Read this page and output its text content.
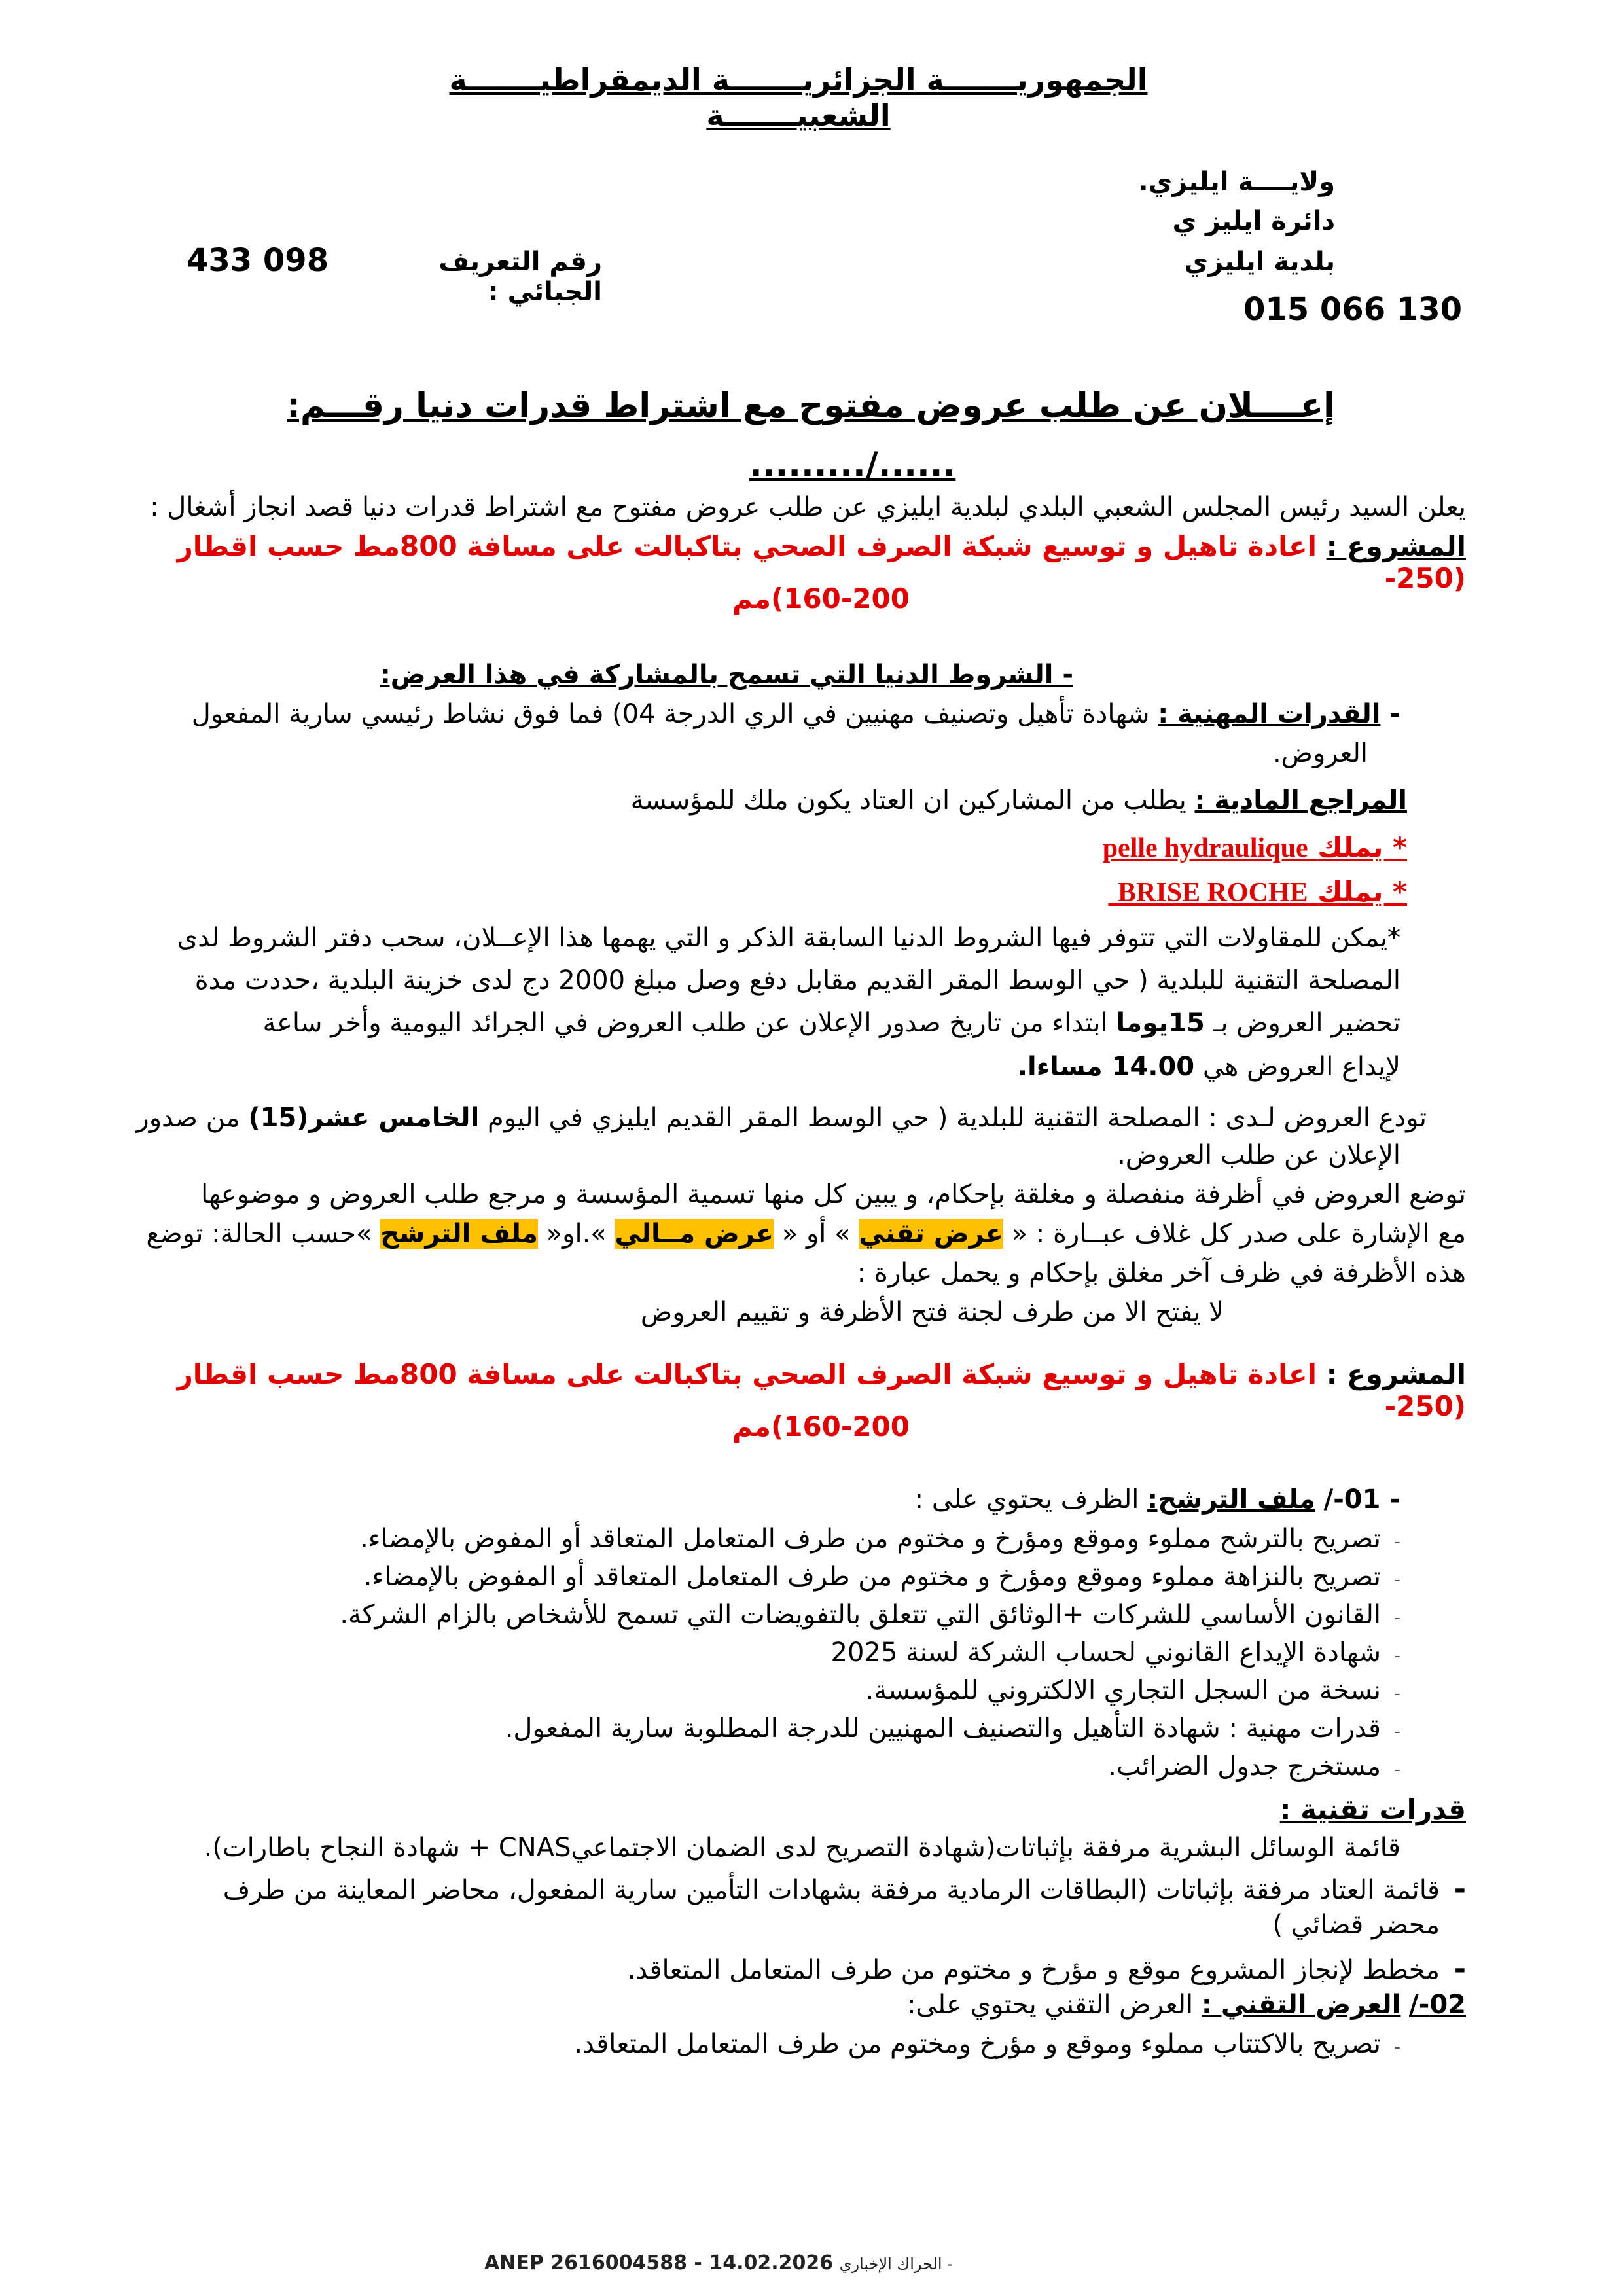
الجمهوريـــــــة الجزائريـــــــة الديمقراطيـــــــة الشعبيـــــــة
ولايــــة ايليزي.
دائرة ايليز ي
بلدية ايليزي
رقم التعريف الجبائي :
433 098
015 066 130
إعــــلان عن طلب عروض مفتوح مع اشتراط قدرات دنيا رقـــم:
........./......
يعلن السيد رئيس المجلس الشعبي البلدي لبلدية ايليزي عن طلب عروض مفتوح مع اشتراط قدرات دنيا قصد انجاز أشغال :
المشروع : اعادة تاهيل و توسيع شبكة الصرف الصحي بتاكبالت على مسافة 800مط حسب اقطار (250-
160-200)مم
- الشروط الدنيا التي تسمح بالمشاركة في هذا العرض:
- القدرات المهنية : شهادة تأهيل وتصنيف مهنيين في الري الدرجة 04) فما فوق نشاط رئيسي سارية المفعول
العروض.
المراجع المادية : يطلب من المشاركين ان العتاد يكون ملك للمؤسسة
* يملك pelle hydraulique
* يملك BRISE ROCHE
*يمكن للمقاولات التي تتوفر فيها الشروط الدنيا السابقة الذكر و التي يهمها هذا الإعــلان، سحب دفتر الشروط لدى
المصلحة التقنية للبلدية ( حي الوسط المقر القديم مقابل دفع وصل مبلغ 2000 دج لدى خزينة البلدية ،حددت مدة
تحضير العروض بـ 15يوما ابتداء من تاريخ صدور الإعلان عن طلب العروض في الجرائد اليومية وأخر ساعة
لإيداع العروض هي 14.00 مساءا.
تودع العروض لـدى : المصلحة التقنية للبلدية ( حي الوسط المقر القديم ايليزي في اليوم الخامس عشر(15) من صدور
الإعلان عن طلب العروض.
توضع العروض في أظرفة منفصلة و مغلقة بإحكام، و يبين كل منها تسمية المؤسسة و مرجع طلب العروض و موضوعها
مع الإشارة على صدر كل غلاف عبــارة : « عرض تقني » أو « عرض مــالي ».او« ملف الترشح »حسب الحالة: توضع
هذه الأظرفة في ظرف آخر مغلق بإحكام و يحمل عبارة :
لا يفتح الا من طرف لجنة فتح الأظرفة و تقييم العروض
المشروع : اعادة تاهيل و توسيع شبكة الصرف الصحي بتاكبالت على مسافة 800مط حسب اقطار (250-
160-200)مم
- 01-/ ملف الترشح: الظرف يحتوي على :
-تصريح بالترشح مملوء وموقع ومؤرخ و مختوم من طرف المتعامل المتعاقد أو المفوض بالإمضاء.
-تصريح بالنزاهة مملوء وموقع ومؤرخ و مختوم من طرف المتعامل المتعاقد أو المفوض بالإمضاء.
-القانون الأساسي للشركات +الوثائق التي تتعلق بالتفويضات التي تسمح للأشخاص بالزام الشركة.
-شهادة الإيداع القانوني لحساب الشركة لسنة 2025
-نسخة من السجل التجاري الالكتروني للمؤسسة.
-قدرات مهنية : شهادة التأهيل والتصنيف المهنيين للدرجة المطلوبة سارية المفعول.
-مستخرج جدول الضرائب.
قدرات تقنية :
قائمة الوسائل البشرية مرفقة بإثباتات(شهادة التصريح لدى الضمان الاجتماعيCNAS + شهادة النجاح باطارات).
-قائمة العتاد مرفقة بإثباتات (البطاقات الرمادية مرفقة بشهادات التأمين سارية المفعول، محاضر المعاينة من طرف
محضر قضائي )
-مخطط لإنجاز المشروع موقع و مؤرخ و مختوم من طرف المتعامل المتعاقد.
02-/ العرض التقني : العرض التقني يحتوي على:
-تصريح بالاكتتاب مملوء وموقع و مؤرخ ومختوم من طرف المتعامل المتعاقد.
ANEP 2616004588 - 14.02.2026 - الحراك الإخباري
